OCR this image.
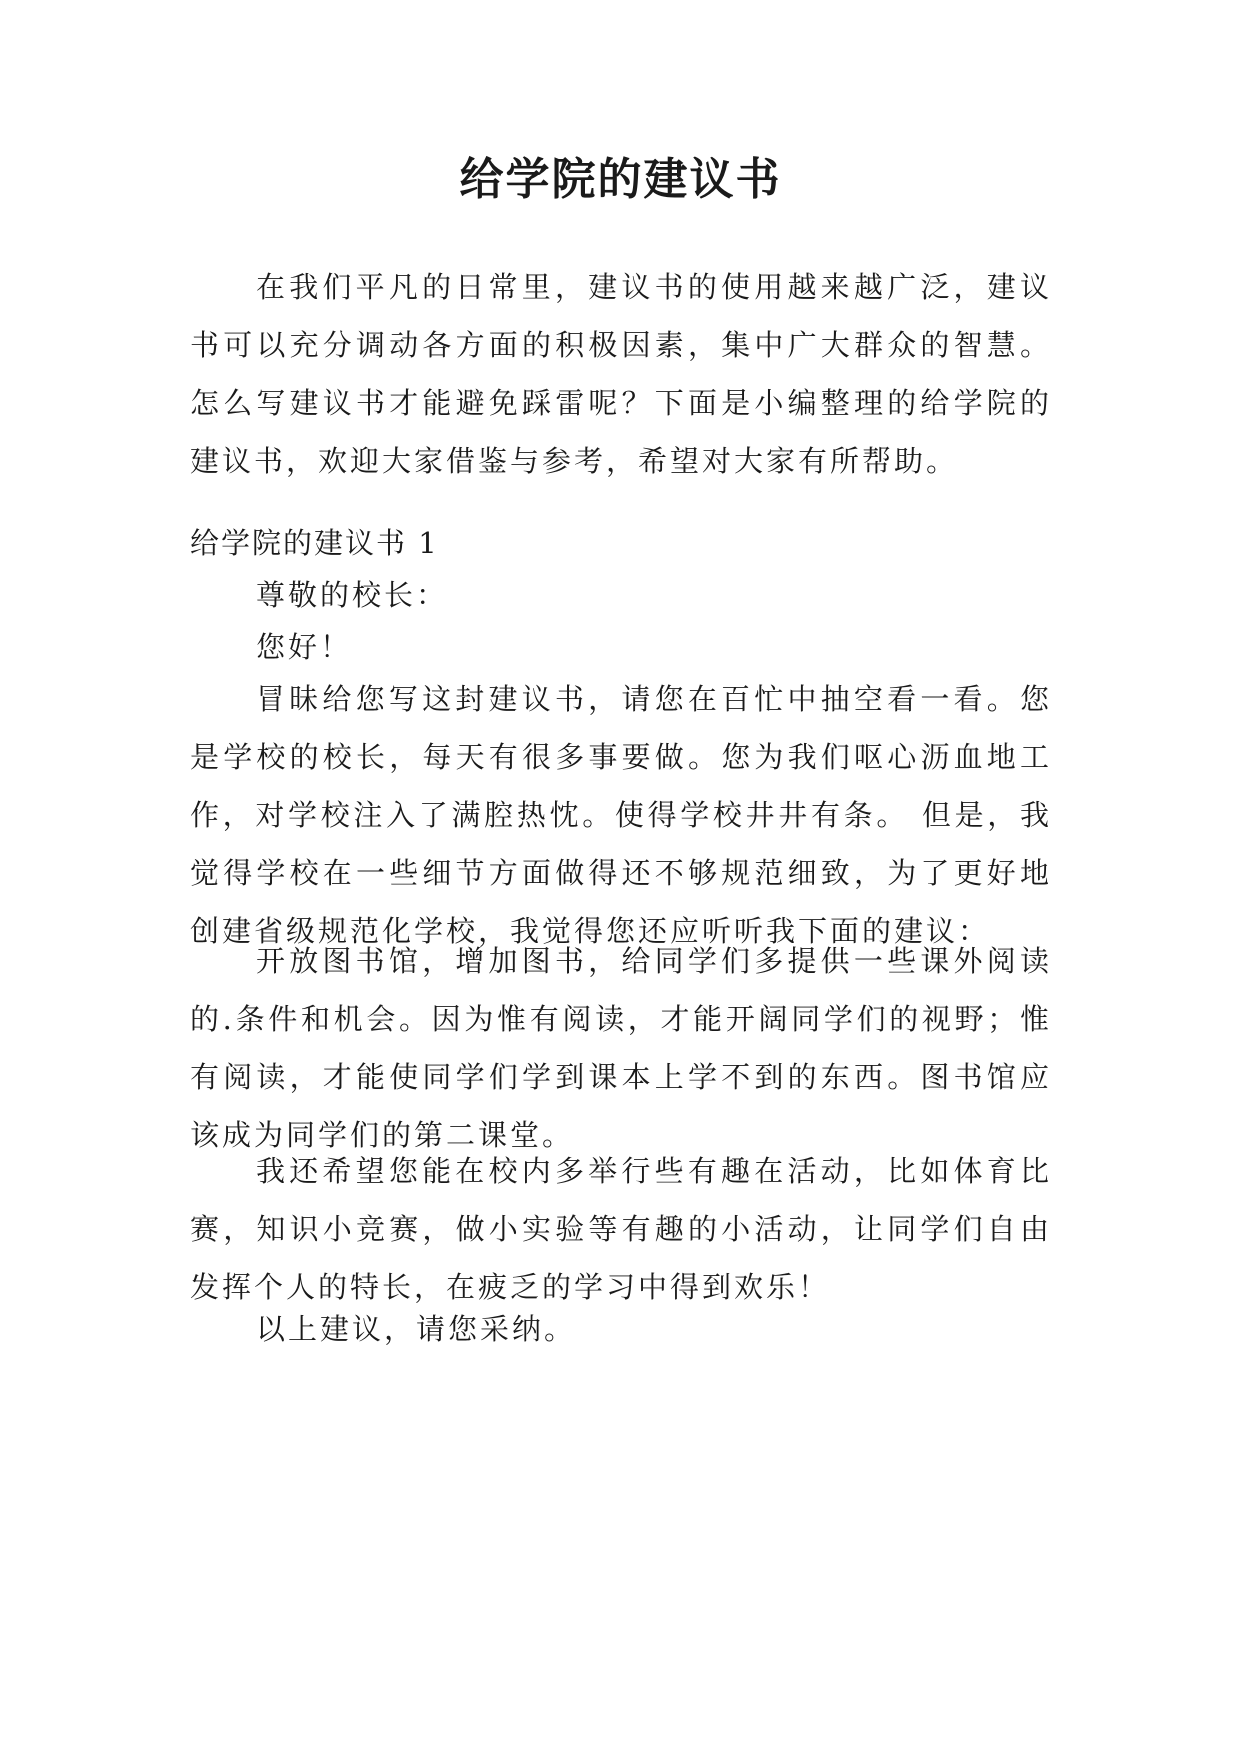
给学院的建议书

在我们平凡的日常里，建议书的使用越来越广泛，建议书可以充分调动各方面的积极因素，集中广大群众的智慧。怎么写建议书才能避免踩雷呢？下面是小编整理的给学院的建议书，欢迎大家借鉴与参考，希望对大家有所帮助。

给学院的建议书 1

尊敬的校长：

您好！

冒昧给您写这封建议书，请您在百忙中抽空看一看。您是学校的校长，每天有很多事要做。您为我们呕心沥血地工作，对学校注入了满腔热忱。使得学校井井有条。 但是，我觉得学校在一些细节方面做得还不够规范细致，为了更好地创建省级规范化学校，我觉得您还应听听我下面的建议：

开放图书馆，增加图书，给同学们多提供一些课外阅读的.条件和机会。因为惟有阅读，才能开阔同学们的视野；惟有阅读，才能使同学们学到课本上学不到的东西。图书馆应该成为同学们的第二课堂。

我还希望您能在校内多举行些有趣在活动，比如体育比赛，知识小竞赛，做小实验等有趣的小活动，让同学们自由发挥个人的特长，在疲乏的学习中得到欢乐！

以上建议，请您采纳。
